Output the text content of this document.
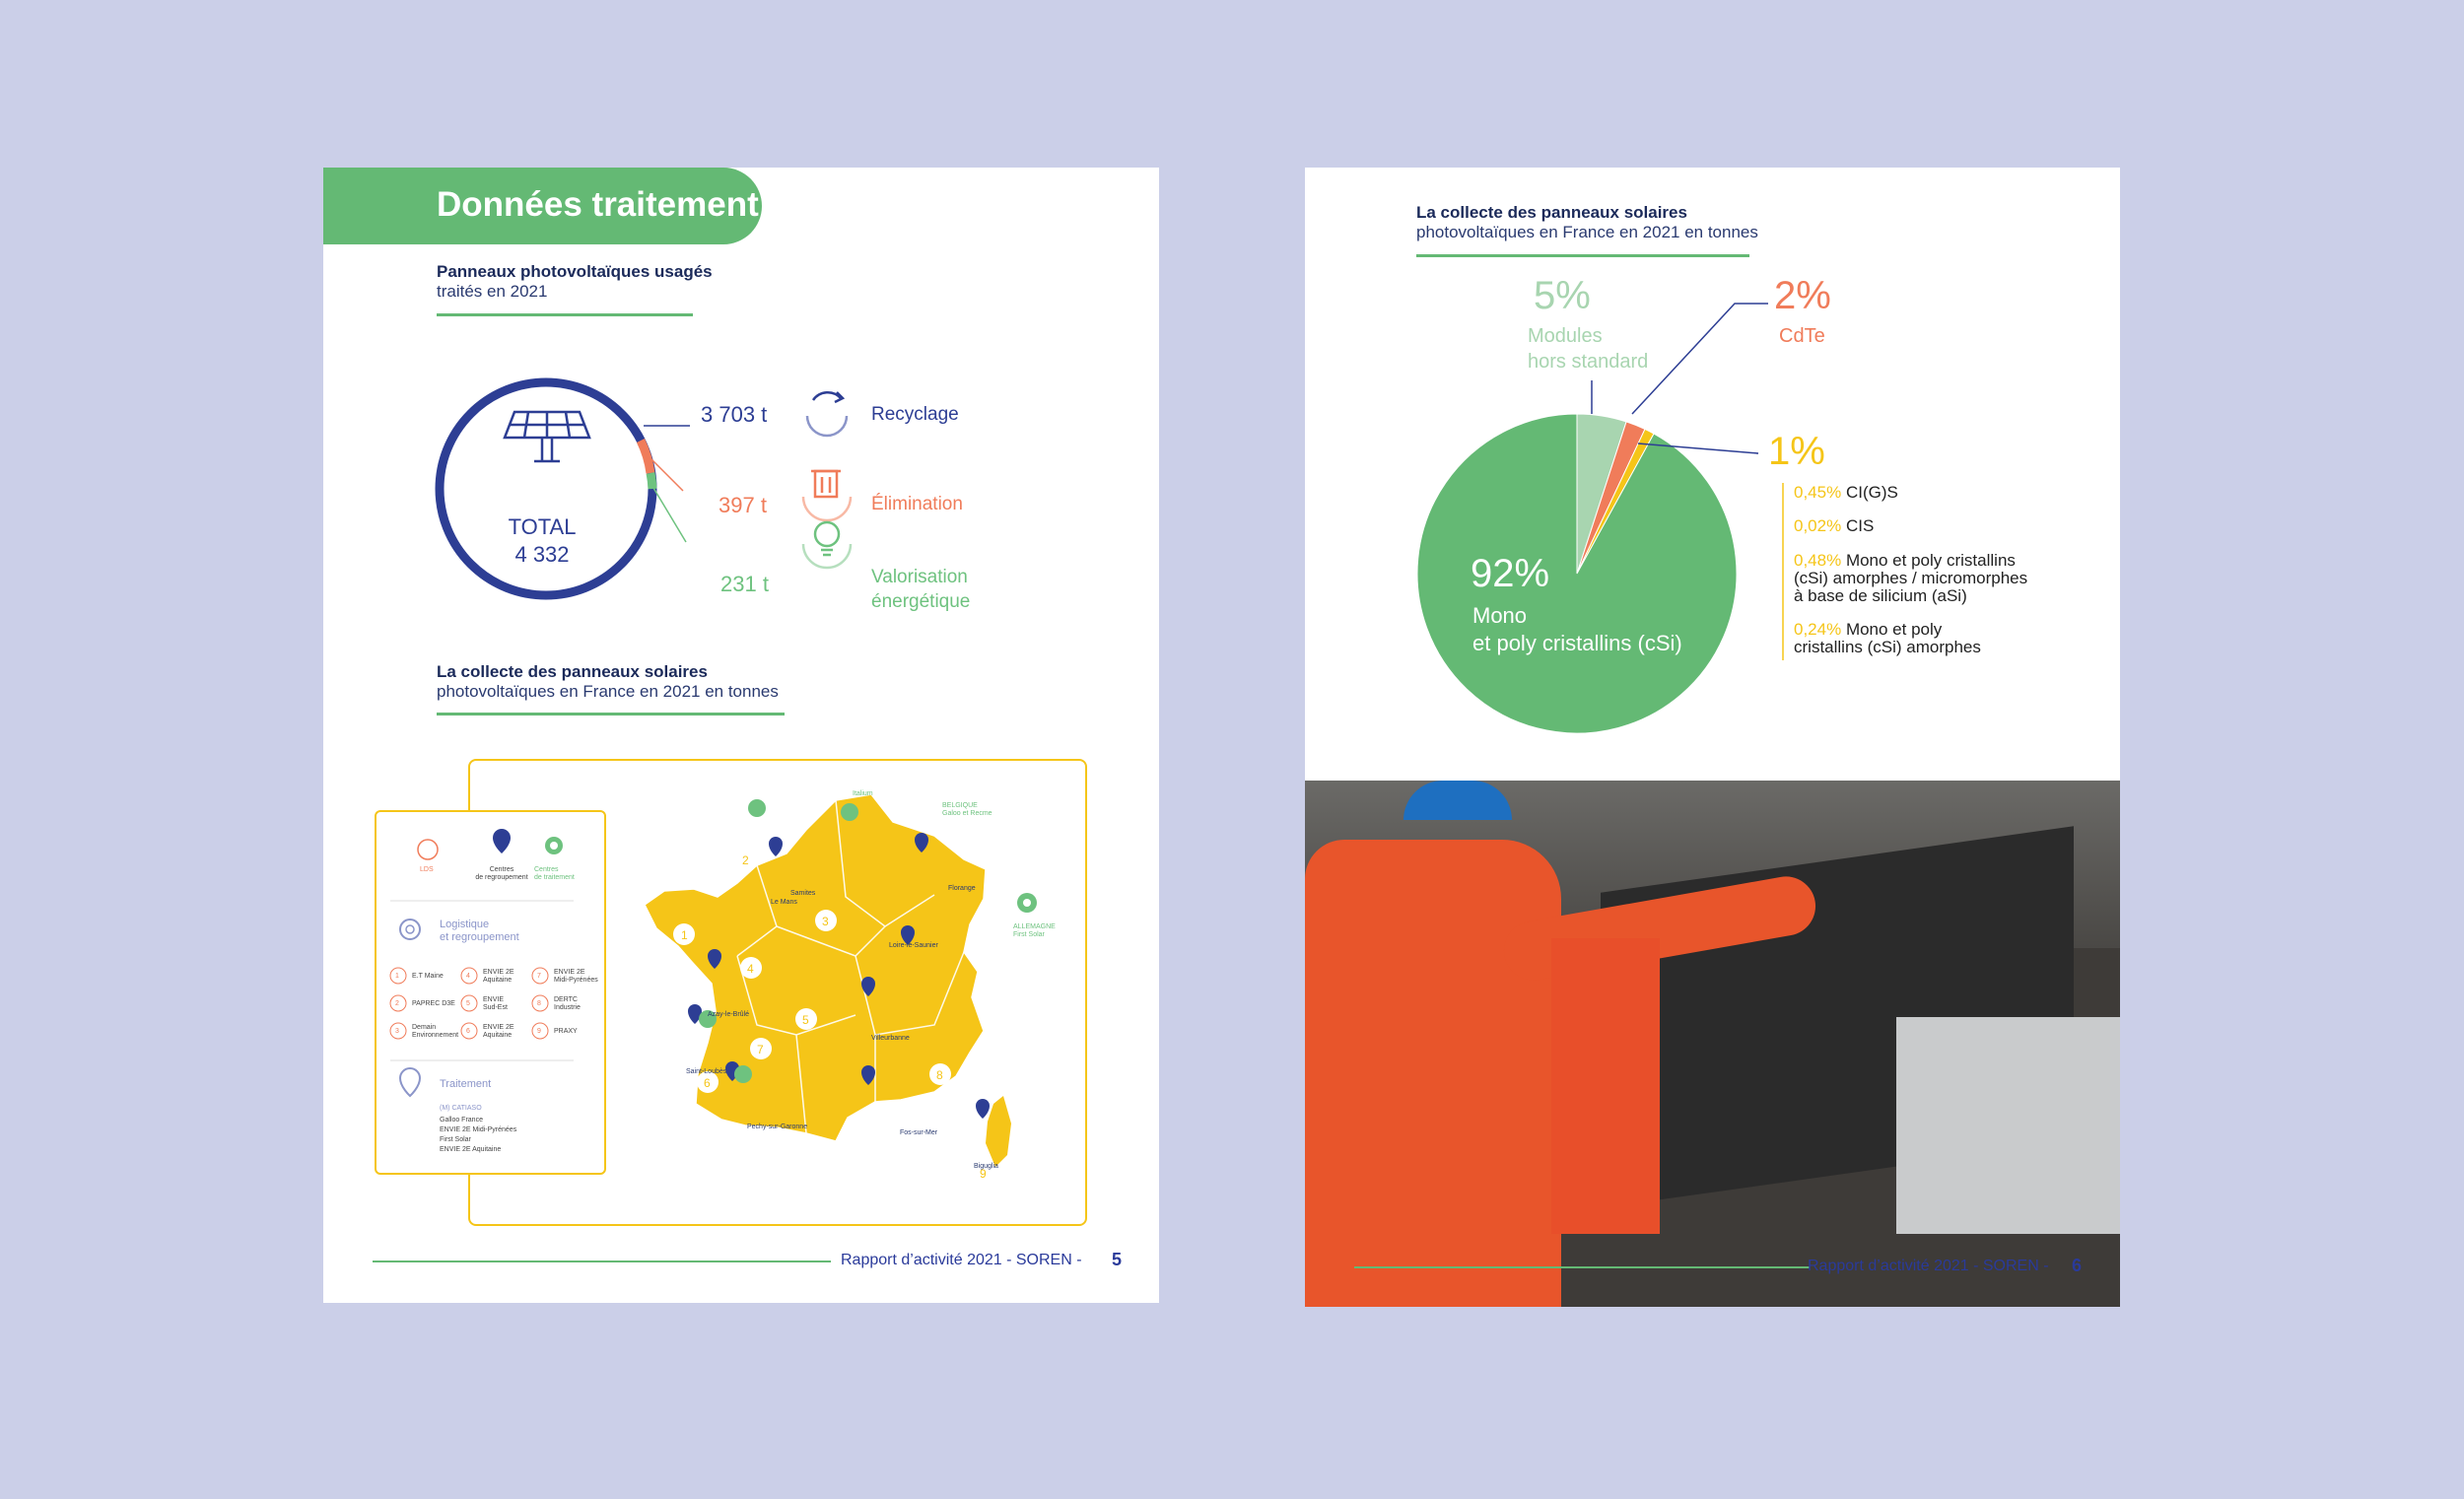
Données traitement
Panneaux photovoltaïques usagés
traités en 2021
TOTAL
4 332
3 703 t
397 t
231 t
Recyclage
Élimination
Valorisation
énergétique
La collecte des panneaux solaires
photovoltaïques en France en 2021 en tonnes
LDS	Centres
de regroupement
Centres
de traitement
Logistique
et regroupement
1 E.T Maine
2 PAPREC D3E
3
Demain
Environnement
4
ENVIE 2E
Aquitaine
5
ENVIE
Sud-Est
6
ENVIE 2E
Aquitaine
7
ENVIE 2E
Midi-Pyrénées
8
DERTC
Industrie
9 PRAXY
Traitement
(M) CATIASO
Galloo France
ENVIE 2E Midi-Pyrénées
First Solar
ENVIE 2E Aquitaine
Italium
BELGIQUE
Galoo et Recme
ALLEMAGNE
First Solar
Le Mans
Samites
Florange
Loire-le-Saunier
Azay-le-Brûlé
Villeurbanne
Saint-Loubès
Fos-sur-Mer
Pechy-sur-Garonne
Biguglia
1
2
3
4
5
6
7
8
9
Rapport d’activité 2021 - SOREN - 5
La collecte des panneaux solaires
photovoltaïques en France en 2021 en tonnes
5%
Modules
hors standard
2%
CdTe
1%
92%
Mono
et poly cristallins (cSi)
0,45% CI(G)S
0,02% CIS
0,48% Mono et poly cristallins
(cSi) amorphes / micromorphes
à base de silicium (aSi)
0,24% Mono et poly
cristallins (cSi) amorphes
Rapport d’activité 2021 - SOREN - 6
